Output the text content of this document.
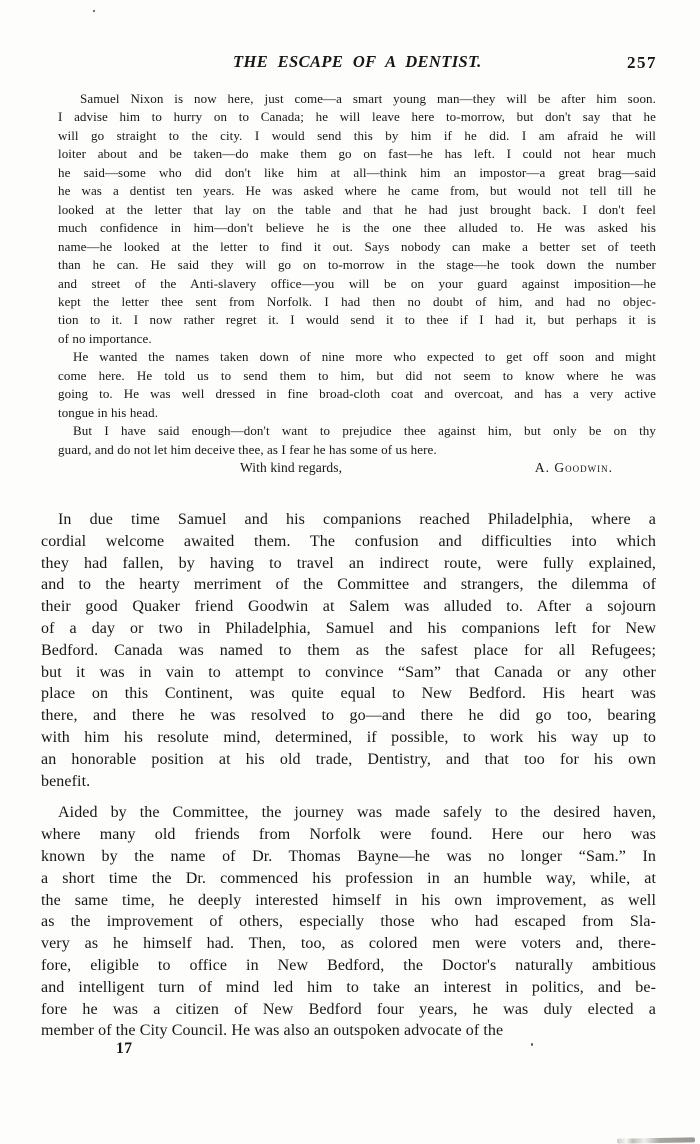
THE ESCAPE OF A DENTIST.	257
Samuel Nixon is now here, just come—a smart young man—they will be after him soon.
I advise him to hurry on to Canada; he will leave here to-morrow, but don't say that he
will go straight to the city. I would send this by him if he did. I am afraid he will
loiter about and be taken—do make them go on fast—he has left. I could not hear much
he said—some who did don't like him at all—think him an impostor—a great brag—said
he was a dentist ten years. He was asked where he came from, but would not tell till he
looked at the letter that lay on the table and that he had just brought back. I don't feel
much confidence in him—don't believe he is the one thee alluded to. He was asked his
name—he looked at the letter to find it out. Says nobody can make a better set of teeth
than he can. He said they will go on to-morrow in the stage—he took down the number
and street of the Anti-slavery office—you will be on your guard against imposition—he
kept the letter thee sent from Norfolk. I had then no doubt of him, and had no objec-
tion to it. I now rather regret it. I would send it to thee if I had it, but perhaps it is
of no importance.
He wanted the names taken down of nine more who expected to get off soon and might
come here. He told us to send them to him, but did not seem to know where he was
going to. He was well dressed in fine broad-cloth coat and overcoat, and has a very active
tongue in his head.
But I have said enough—don't want to prejudice thee against him, but only be on thy
guard, and do not let him deceive thee, as I fear he has some of us here.
With kind regards,	A. Goodwin.
In due time Samuel and his companions reached Philadelphia, where a
cordial welcome awaited them. The confusion and difficulties into which
they had fallen, by having to travel an indirect route, were fully explained,
and to the hearty merriment of the Committee and strangers, the dilemma of
their good Quaker friend Goodwin at Salem was alluded to. After a sojourn
of a day or two in Philadelphia, Samuel and his companions left for New
Bedford. Canada was named to them as the safest place for all Refugees;
but it was in vain to attempt to convince “Sam” that Canada or any other
place on this Continent, was quite equal to New Bedford. His heart was
there, and there he was resolved to go—and there he did go too, bearing
with him his resolute mind, determined, if possible, to work his way up to
an honorable position at his old trade, Dentistry, and that too for his own
benefit.
Aided by the Committee, the journey was made safely to the desired haven,
where many old friends from Norfolk were found. Here our hero was
known by the name of Dr. Thomas Bayne—he was no longer “Sam.” In
a short time the Dr. commenced his profession in an humble way, while, at
the same time, he deeply interested himself in his own improvement, as well
as the improvement of others, especially those who had escaped from Sla-
very as he himself had. Then, too, as colored men were voters and, there-
fore, eligible to office in New Bedford, the Doctor's naturally ambitious
and intelligent turn of mind led him to take an interest in politics, and be-
fore he was a citizen of New Bedford four years, he was duly elected a
member of the City Council. He was also an outspoken advocate of the
17
